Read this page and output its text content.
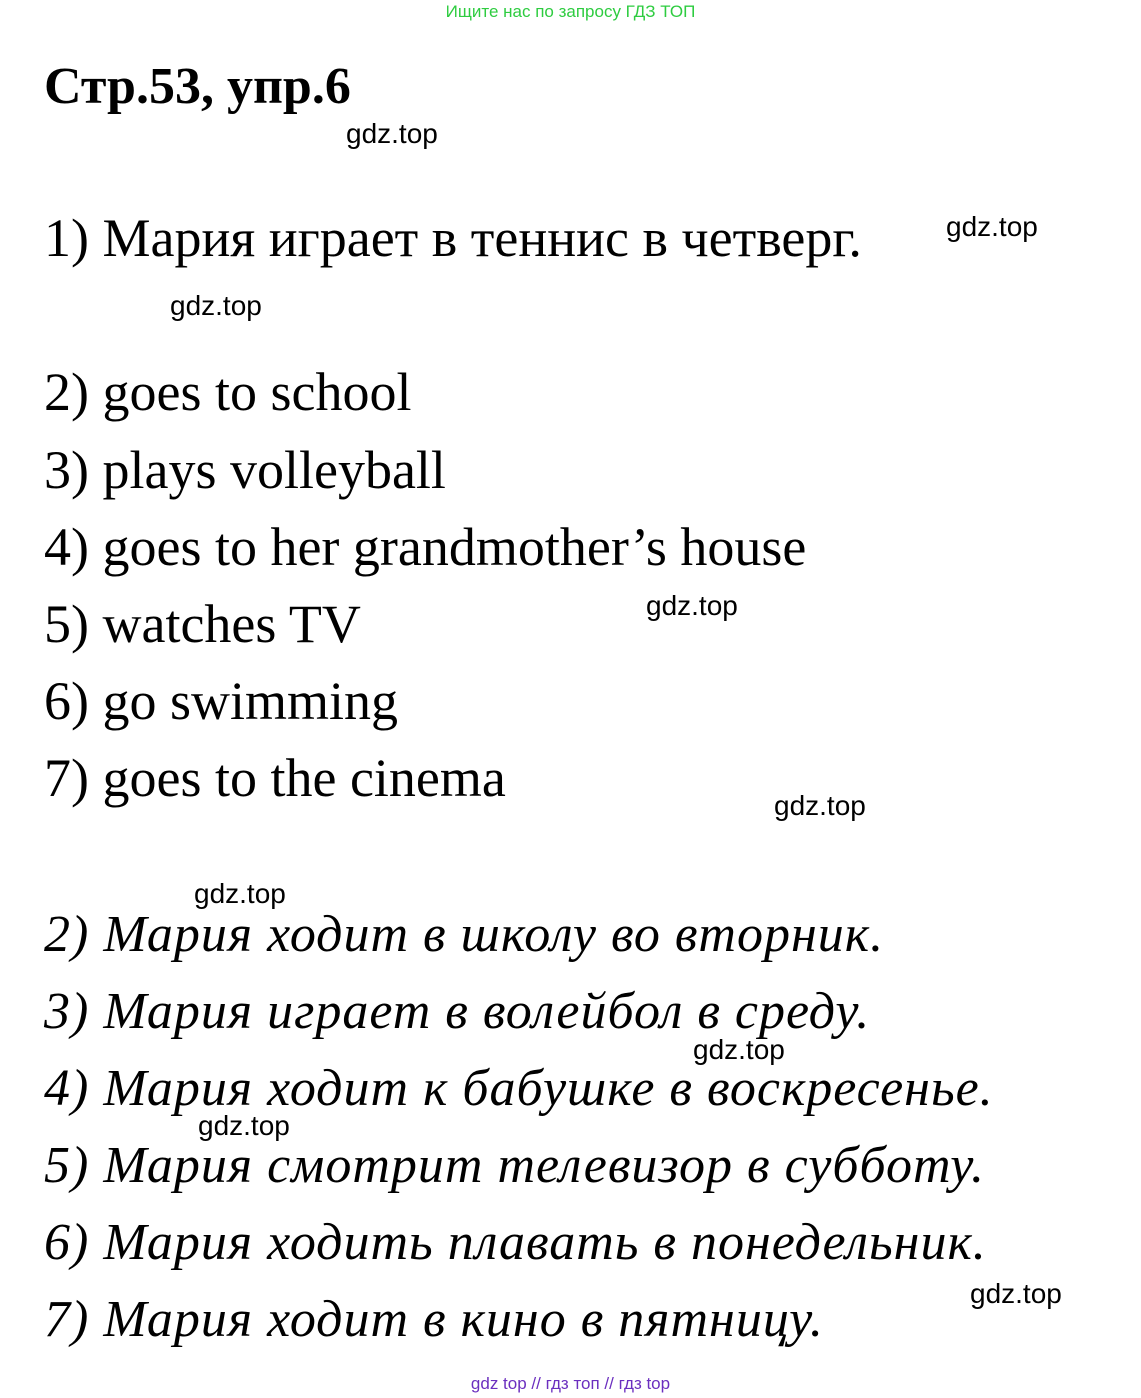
Ищите нас по запросу ГДЗ ТОП
Стр.53, упр.6
gdz.top
gdz.top
gdz.top
gdz.top
gdz.top
gdz.top
gdz.top
gdz.top
gdz.top
1) Мария играет в теннис в четверг.
2) goes to school
3) plays volleyball
4) goes to her grandmother’s house
5) watches TV
6) go swimming
7) goes to the cinema
2) Мария ходит в школу во вторник.
3) Мария играет в волейбол в среду.
4) Мария ходит к бабушке в воскресенье.
5) Мария смотрит телевизор в субботу.
6) Мария ходить плавать в понедельник.
7) Мария ходит в кино в пятницу.
gdz top // гдз топ // гдз top
